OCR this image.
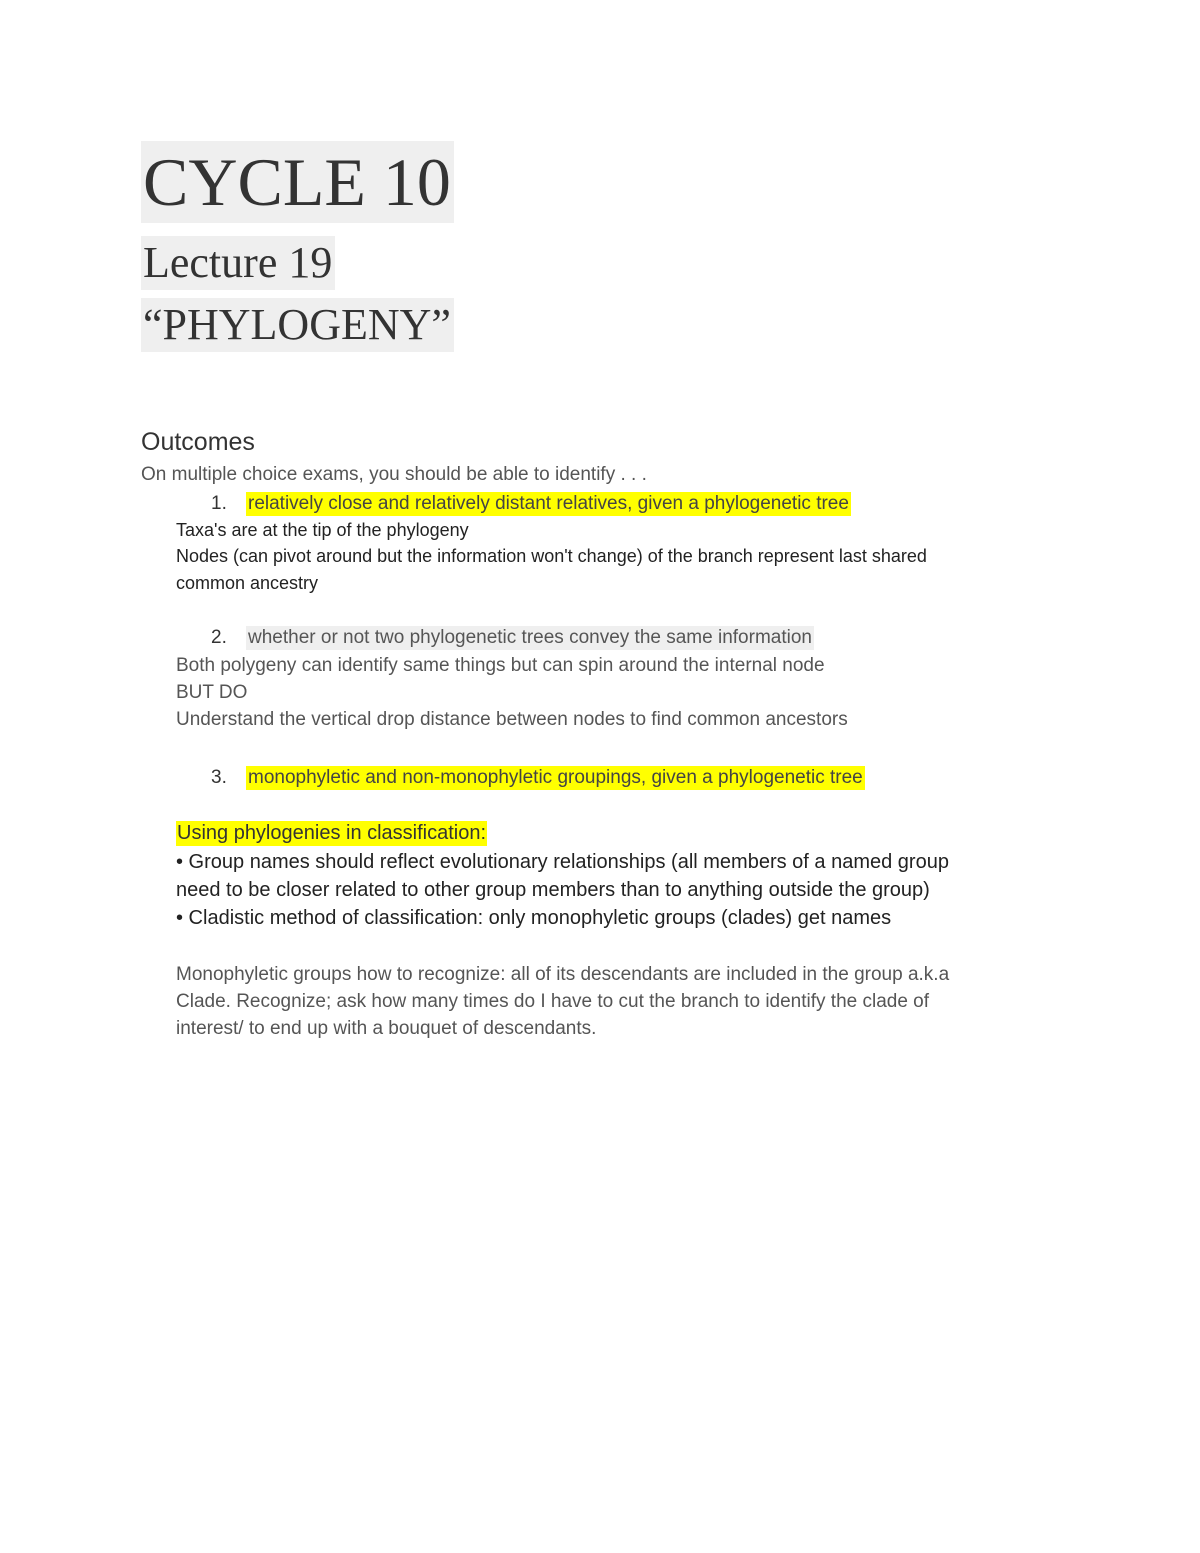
CYCLE 10
Lecture 19
“PHYLOGENY”
Outcomes
On multiple choice exams, you should be able to identify . . .
1. relatively close and relatively distant relatives, given a phylogenetic tree
Taxa's are at the tip of the phylogeny
Nodes (can pivot around but the information won't change) of the branch represent last shared
common ancestry
2. whether or not two phylogenetic trees convey the same information
Both polygeny can identify same things but can spin around the internal node
BUT DO
Understand the vertical drop distance between nodes to find common ancestors
3. monophyletic and non-monophyletic groupings, given a phylogenetic tree
Using phylogenies in classification:
• Group names should reflect evolutionary relationships (all members of a named group
need to be closer related to other group members than to anything outside the group)
• Cladistic method of classification: only monophyletic groups (clades) get names
Monophyletic groups how to recognize: all of its descendants are included in the group a.k.a
Clade. Recognize; ask how many times do I have to cut the branch to identify the clade of
interest/ to end up with a bouquet of descendants.
